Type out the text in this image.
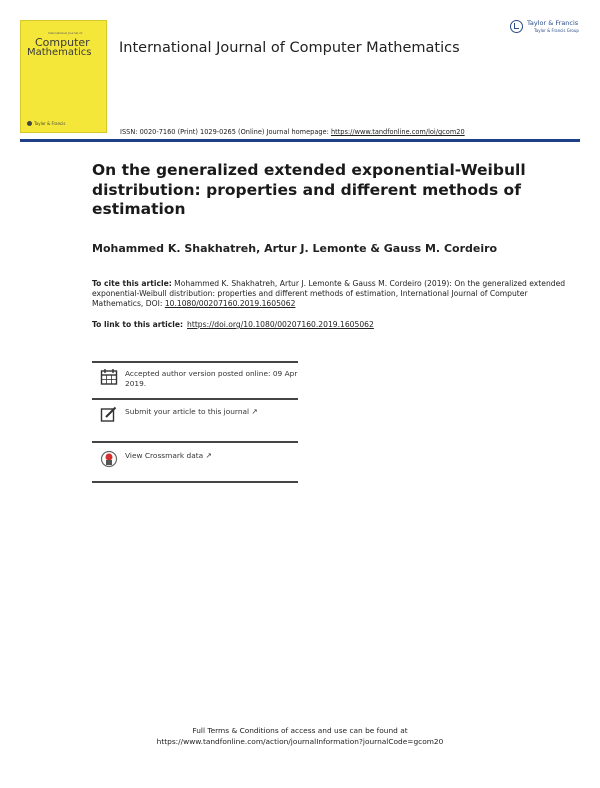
International Journal of
Computer
Mathematics
Taylor & Francis
International Journal of Computer Mathematics
Taylor & Francis
Taylor & Francis Group
ISSN: 0020-7160 (Print) 1029-0265 (Online) Journal homepage: https://www.tandfonline.com/loi/gcom20
On the generalized extended exponential-Weibull distribution: properties and different methods of estimation
Mohammed K. Shakhatreh, Artur J. Lemonte & Gauss M. Cordeiro
To cite this article: Mohammed K. Shakhatreh, Artur J. Lemonte & Gauss M. Cordeiro (2019): On the generalized extended exponential-Weibull distribution: properties and different methods of estimation, International Journal of Computer Mathematics, DOI: 10.1080/00207160.2019.1605062
To link to this article: https://doi.org/10.1080/00207160.2019.1605062
Accepted author version posted online: 09 Apr 2019.
Submit your article to this journal ↗
View Crossmark data ↗
Full Terms & Conditions of access and use can be found at
https://www.tandfonline.com/action/journalInformation?journalCode=gcom20
